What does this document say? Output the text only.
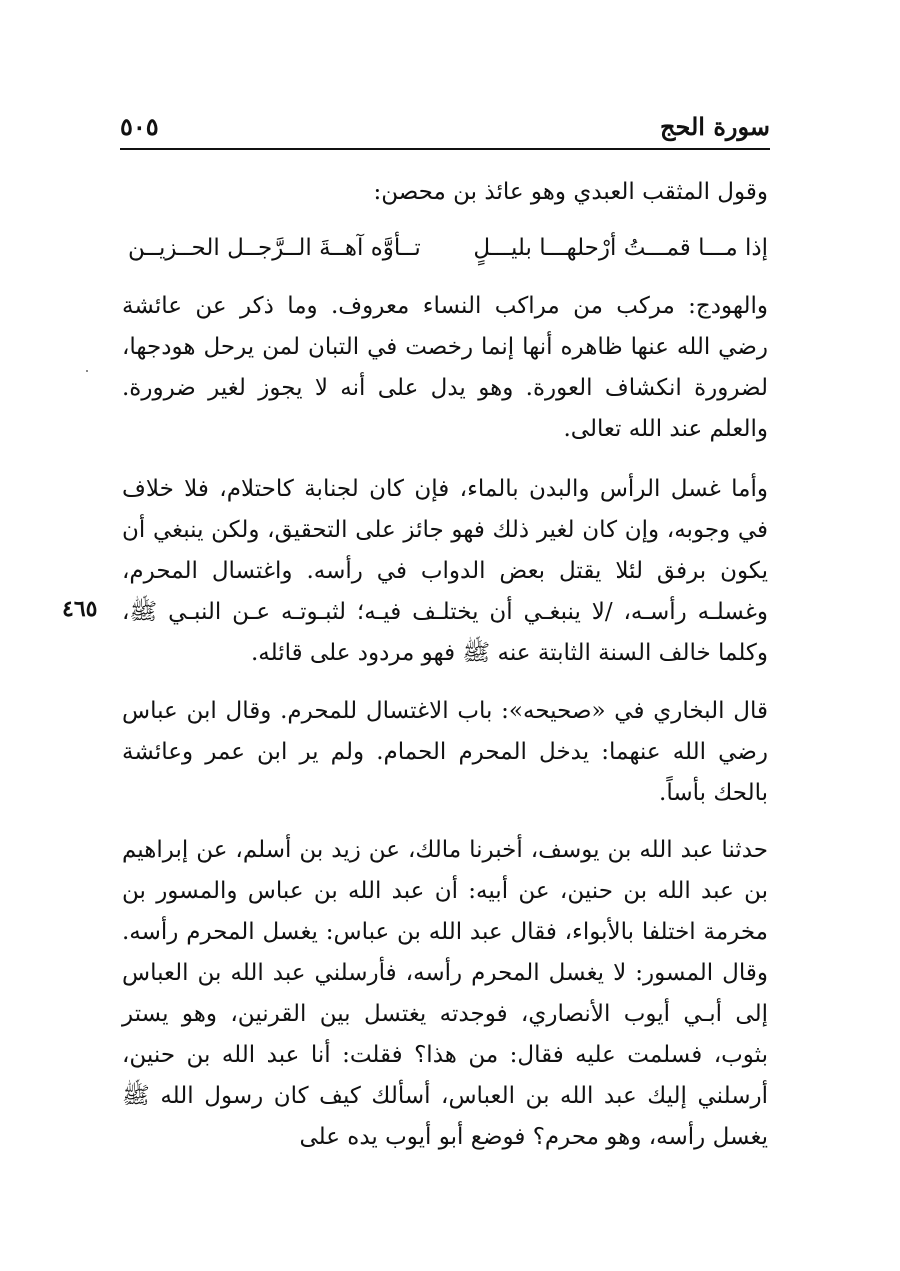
سورة الحج
٥٠٥
وقول المثقب العبدي وهو عائذ بن محصن:
إذا مـــا قمـــتُ أرْحلهـــا بليـــلٍ
تــأوَّه آهــةَ الــرَّجــل الحــزيــن

والهودج: مركب من مراكب النساء معروف. وما ذكر عن عائشة رضي الله عنها ظاهره أنها إنما رخصت في التبان لمن يرحل هودجها، لضرورة انكشاف العورة. وهو يدل على أنه لا يجوز لغير ضرورة. والعلم عند الله تعالى.

وأما غسل الرأس والبدن بالماء، فإن كان لجنابة كاحتلام، فلا خلاف في وجوبه، وإن كان لغير ذلك فهو جائز على التحقيق، ولكن ينبغي أن يكون برفق لئلا يقتل بعض الدواب في رأسه. واغتسال المحرم، وغسلـه رأسـه، /لا ينبغـي أن يختلـف فيـه؛ لثبـوتـه عـن النبـي ﷺ، وكلما خالف السنة الثابتة عنه ﷺ فهو مردود على قائله.

قال البخاري في «صحيحه»: باب الاغتسال للمحرم. وقال ابن عباس رضي الله عنهما: يدخل المحرم الحمام. ولم ير ابن عمر وعائشة بالحك بأساً.

حدثنا عبد الله بن يوسف، أخبرنا مالك، عن زيد بن أسلم، عن إبراهيم بن عبد الله بن حنين، عن أبيه: أن عبد الله بن عباس والمسور بن مخرمة اختلفا بالأبواء، فقال عبد الله بن عباس: يغسل المحرم رأسه. وقال المسور: لا يغسل المحرم رأسه، فأرسلني عبد الله بن العباس إلى أبـي أيوب الأنصاري، فوجدته يغتسل بين القرنين، وهو يستر بثوب، فسلمت عليه فقال: من هذا؟ فقلت: أنا عبد الله بن حنين، أرسلني إليك عبد الله بن العباس، أسألك كيف كان رسول الله ﷺ يغسل رأسه، وهو محرم؟ فوضع أبو أيوب يده على

٤٦٥
